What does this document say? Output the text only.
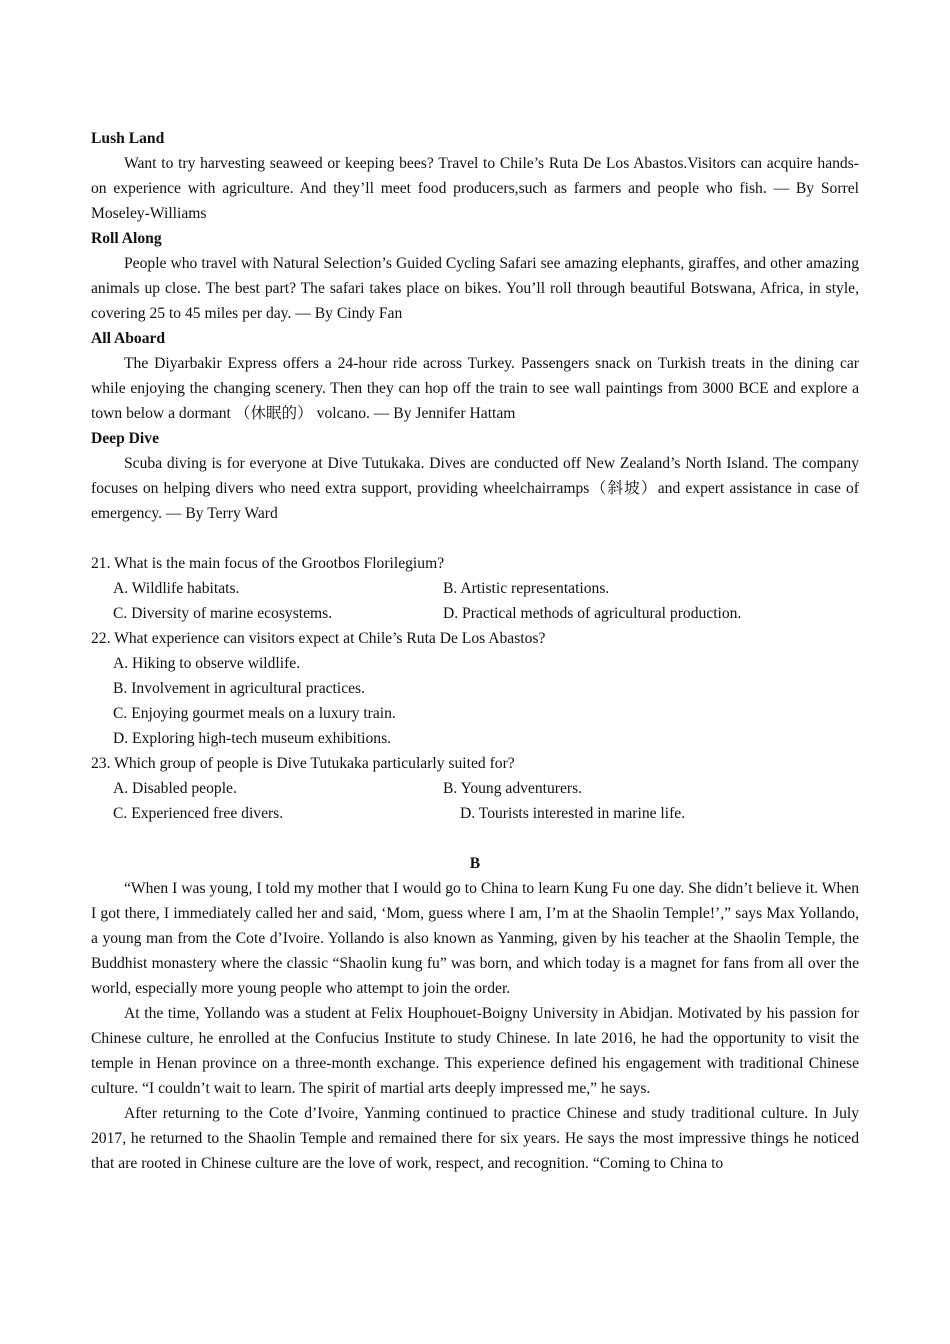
Lush Land

Want to try harvesting seaweed or keeping bees? Travel to Chile’s Ruta De Los Abastos.Visitors can acquire hands-on experience with agriculture. And they’ll meet food producers,such as farmers and people who fish. — By Sorrel Moseley-Williams

Roll Along

People who travel with Natural Selection’s Guided Cycling Safari see amazing elephants, giraffes, and other amazing animals up close. The best part? The safari takes place on bikes. You’ll roll through beautiful Botswana, Africa, in style, covering 25 to 45 miles per day. — By Cindy Fan

All Aboard

The Diyarbakir Express offers a 24-hour ride across Turkey. Passengers snack on Turkish treats in the dining car while enjoying the changing scenery. Then they can hop off the train to see wall paintings from 3000 BCE and explore a town below a dormant （休眠的） volcano. — By Jennifer Hattam

Deep Dive

Scuba diving is for everyone at Dive Tutukaka. Dives are conducted off New Zealand’s North Island. The company focuses on helping divers who need extra support, providing wheelchairramps（斜坡）and expert assistance in case of emergency. — By Terry Ward

21. What is the main focus of the Grootbos Florilegium?

A. Wildlife habitats.	B. Artistic representations.

C. Diversity of marine ecosystems.	D. Practical methods of agricultural production.

22. What experience can visitors expect at Chile’s Ruta De Los Abastos?

A. Hiking to observe wildlife.

B. Involvement in agricultural practices.

C. Enjoying gourmet meals on a luxury train.

D. Exploring high-tech museum exhibitions.

23. Which group of people is Dive Tutukaka particularly suited for?

A. Disabled people.	B. Young adventurers.

C. Experienced free divers.	D. Tourists interested in marine life.

B

“When I was young, I told my mother that I would go to China to learn Kung Fu one day. She didn’t believe it. When I got there, I immediately called her and said, ‘Mom, guess where I am, I’m at the Shaolin Temple!’,” says Max Yollando, a young man from the Cote d’Ivoire. Yollando is also known as Yanming, given by his teacher at the Shaolin Temple, the Buddhist monastery where the classic “Shaolin kung fu” was born, and which today is a magnet for fans from all over the world, especially more young people who attempt to join the order.

At the time, Yollando was a student at Felix Houphouet-Boigny University in Abidjan. Motivated by his passion for Chinese culture, he enrolled at the Confucius Institute to study Chinese. In late 2016, he had the opportunity to visit the temple in Henan province on a three-month exchange. This experience defined his engagement with traditional Chinese culture. “I couldn’t wait to learn. The spirit of martial arts deeply impressed me,” he says.

After returning to the Cote d’Ivoire, Yanming continued to practice Chinese and study traditional culture. In July 2017, he returned to the Shaolin Temple and remained there for six years. He says the most impressive things he noticed that are rooted in Chinese culture are the love of work, respect, and recognition. “Coming to China to
